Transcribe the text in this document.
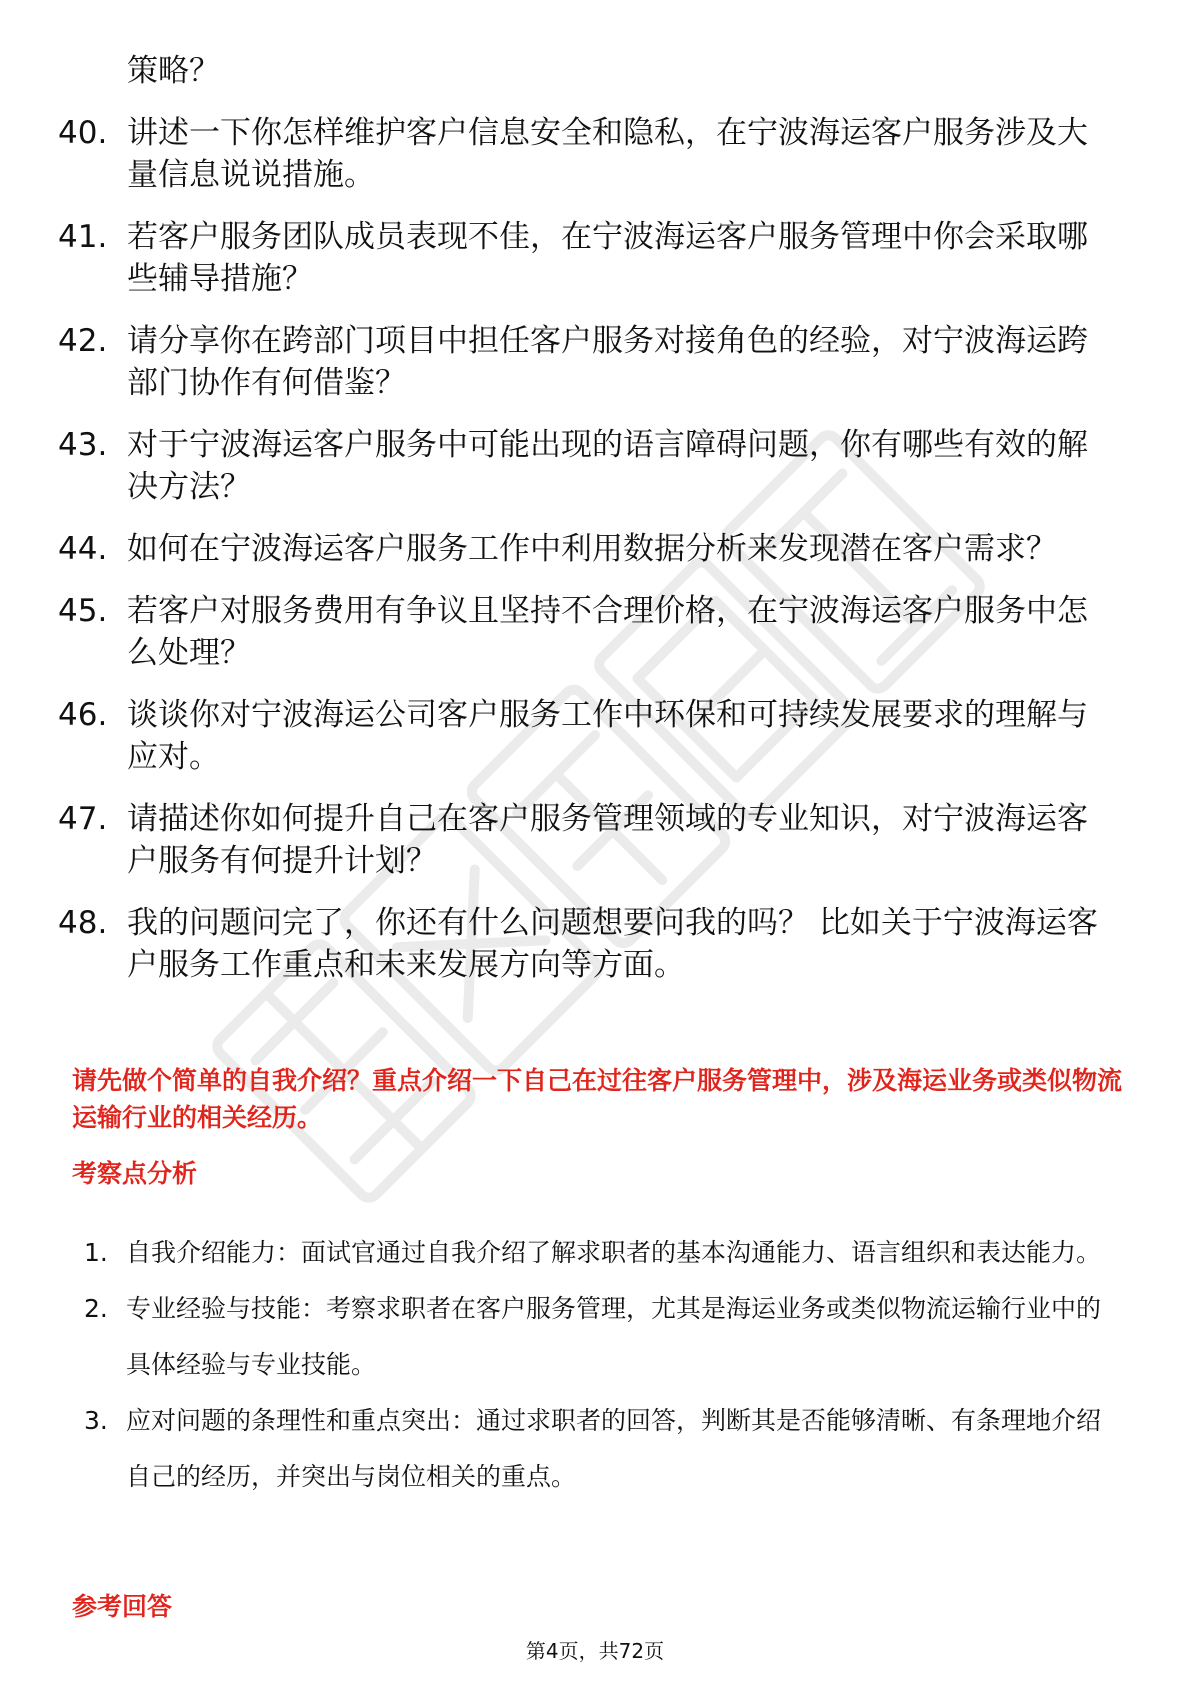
策略？

40. 讲述一下你怎样维护客户信息安全和隐私，在宁波海运客户服务涉及大量信息说说措施。
41. 若客户服务团队成员表现不佳，在宁波海运客户服务管理中你会采取哪些辅导措施？
42. 请分享你在跨部门项目中担任客户服务对接角色的经验，对宁波海运跨部门协作有何借鉴？
43. 对于宁波海运客户服务中可能出现的语言障碍问题，你有哪些有效的解决方法？
44. 如何在宁波海运客户服务工作中利用数据分析来发现潜在客户需求？
45. 若客户对服务费用有争议且坚持不合理价格，在宁波海运客户服务中怎么处理？
46. 谈谈你对宁波海运公司客户服务工作中环保和可持续发展要求的理解与应对。
47. 请描述你如何提升自己在客户服务管理领域的专业知识，对宁波海运客户服务有何提升计划？
48. 我的问题问完了，你还有什么问题想要问我的吗？ 比如关于宁波海运客户服务工作重点和未来发展方向等方面。

请先做个简单的自我介绍？重点介绍一下自己在过往客户服务管理中，涉及海运业务或类似物流运输行业的相关经历。

考察点分析
1. 自我介绍能力：面试官通过自我介绍了解求职者的基本沟通能力、语言组织和表达能力。
2. 专业经验与技能：考察求职者在客户服务管理，尤其是海运业务或类似物流运输行业中的具体经验与专业技能。
3. 应对问题的条理性和重点突出：通过求职者的回答，判断其是否能够清晰、有条理地介绍自己的经历，并突出与岗位相关的重点。
参考回答
第4页，共72页
